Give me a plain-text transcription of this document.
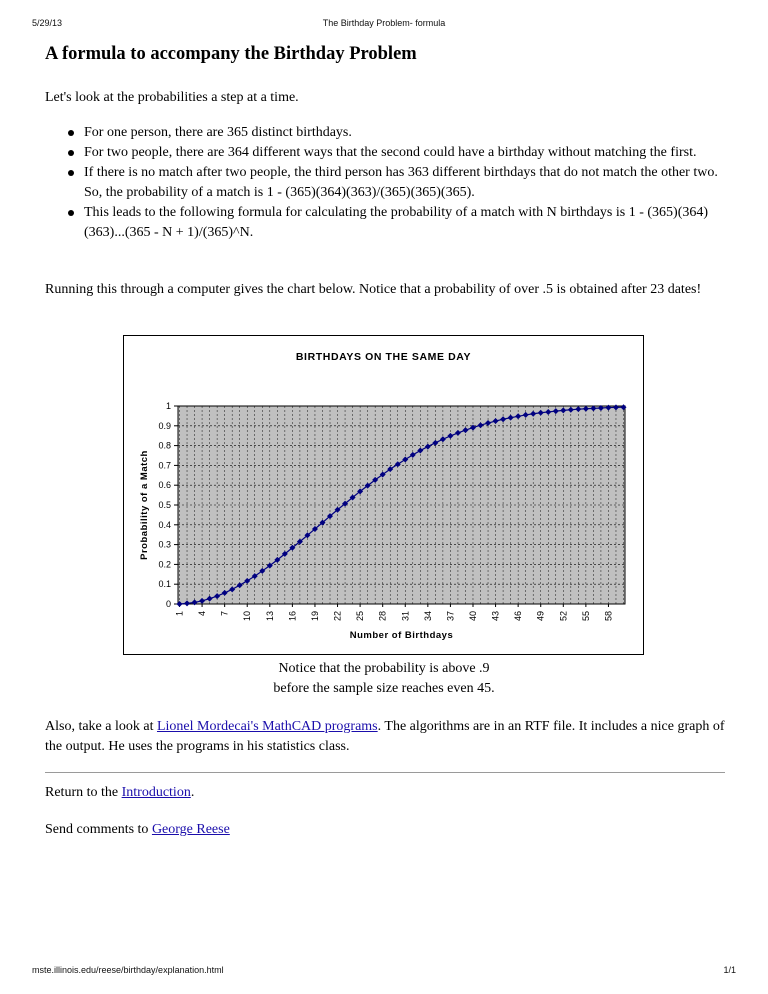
5/29/13	The Birthday Problem- formula
A formula to accompany the Birthday Problem

Let's look at the probabilities a step at a time.

For one person, there are 365 distinct birthdays.
For two people, there are 364 different ways that the second could have a birthday without matching the first.
If there is no match after two people, the third person has 363 different birthdays that do not match the other two. So, the probability of a match is 1 - (365)(364)(363)/(365)(365)(365).
This leads to the following formula for calculating the probability of a match with N birthdays is 1 - (365)(364)(363)...(365 - N + 1)/(365)^N.

Running this through a computer gives the chart below. Notice that a probability of over .5 is obtained after 23 dates!

BIRTHDAYS ON THE SAME DAY
0
0.1
0.2
0.3
0.4
0.5
0.6
0.7
0.8
0.9
1
1 4 7 10 13 16 19 22 25 28 31 34 37 40 43 46 49 52 55 58
Number of Birthdays
Probability of a Match
Notice that the probability is above .9
before the sample size reaches even 45.

Also, take a look at Lionel Mordecai's MathCAD programs. The algorithms are in an RTF file. It includes a nice graph of the output. He uses the programs in his statistics class.

Return to the Introduction.

Send comments to George Reese

mste.illinois.edu/reese/birthday/explanation.html	1/1
